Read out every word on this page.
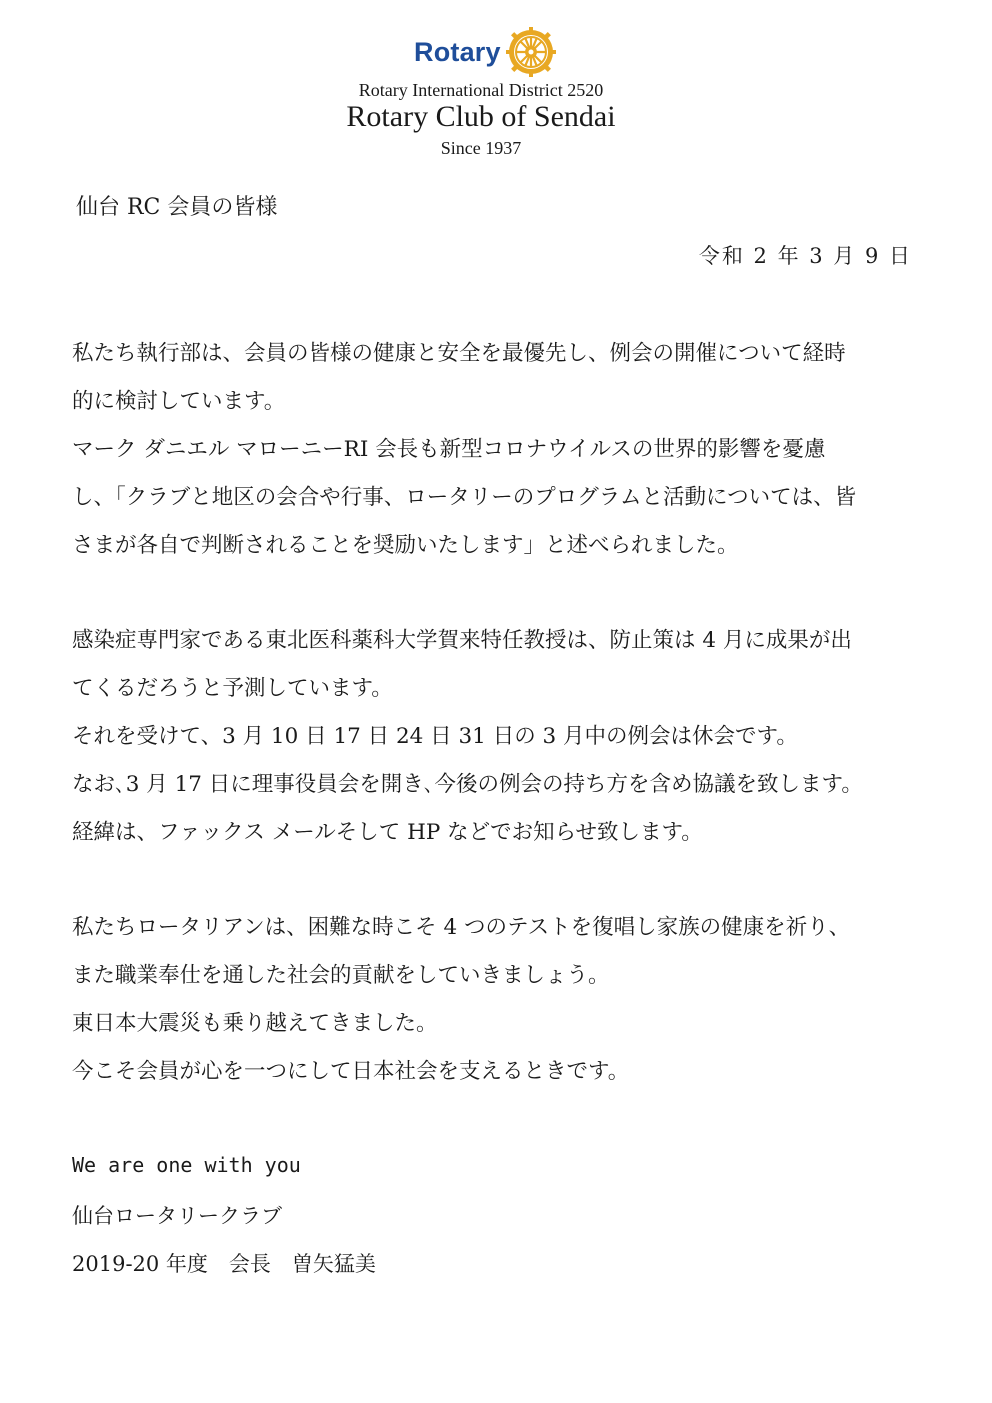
Rotary
Rotary International District 2520
Rotary Club of Sendai
Since 1937
仙台 RC 会員の皆様
令和 2 年 3 月 9 日
私たち執行部は、会員の皆様の健康と安全を最優先し、例会の開催について経時
的に検討しています。
マーク ダニエル マローニーRI 会長も新型コロナウイルスの世界的影響を憂慮
し、「クラブと地区の会合や行事、ロータリーのプログラムと活動については、皆
さまが各自で判断されることを奨励いたします」と述べられました。
感染症専門家である東北医科薬科大学賀来特任教授は、防止策は 4 月に成果が出
てくるだろうと予測しています。
それを受けて、3 月 10 日 17 日 24 日 31 日の 3 月中の例会は休会です。
なお､3 月 17 日に理事役員会を開き､今後の例会の持ち方を含め協議を致します。
経緯は、ファックス メールそして HP などでお知らせ致します。
私たちロータリアンは、困難な時こそ 4 つのテストを復唱し家族の健康を祈り、
また職業奉仕を通した社会的貢献をしていきましょう。
東日本大震災も乗り越えてきました。
今こそ会員が心を一つにして日本社会を支えるときです。
We are one with you
仙台ロータリークラブ
2019-20 年度　会長　曽矢猛美
